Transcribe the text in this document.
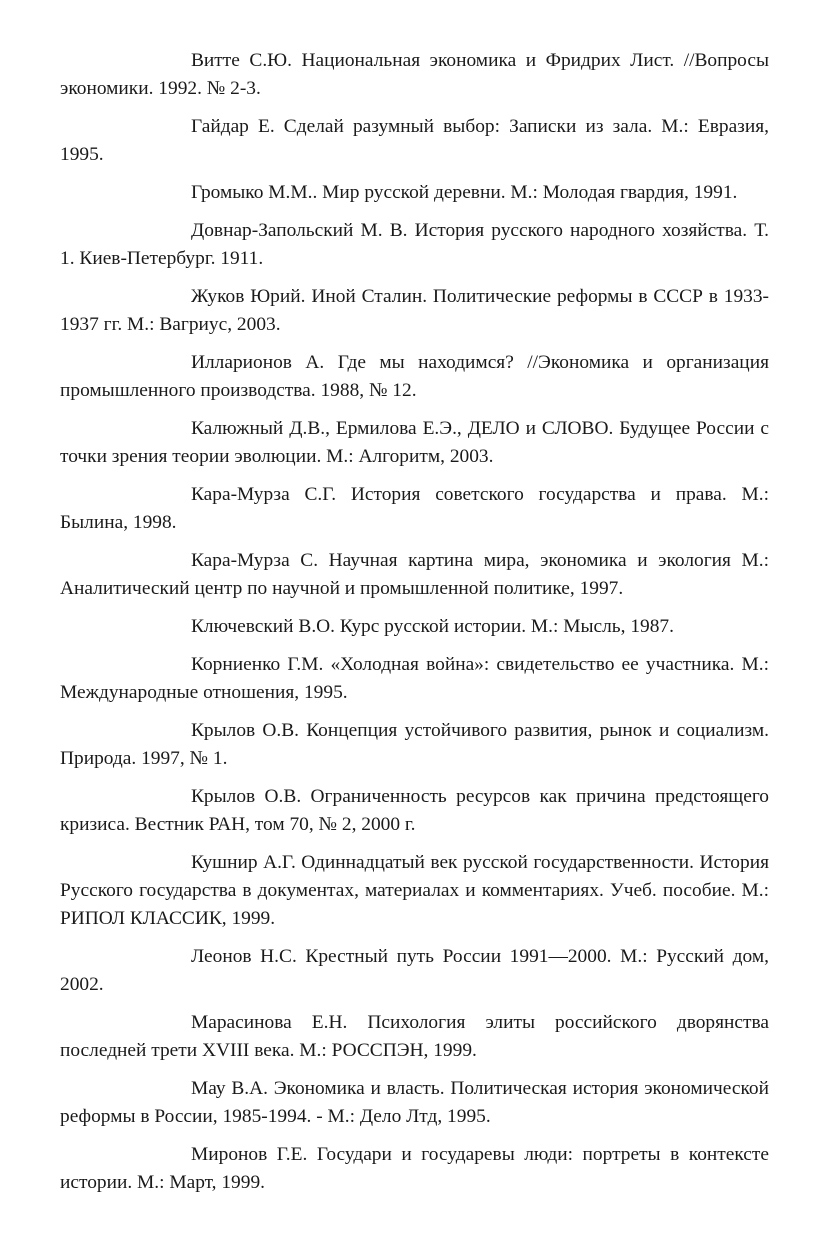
Витте С.Ю. Национальная экономика и Фридрих Лист. //Вопросы экономики. 1992. № 2-3.

Гайдар Е. Сделай разумный выбор: Записки из зала. М.: Евразия, 1995.

Громыко М.М.. Мир русской деревни. М.: Молодая гвардия, 1991.

Довнар-Запольский М. В. История русского народного хозяйства. Т. 1. Киев-Петербург. 1911.

Жуков Юрий. Иной Сталин. Политические реформы в СССР в 1933-1937 гг. М.: Вагриус, 2003.

Илларионов А. Где мы находимся? //Экономика и организация промышленного производства. 1988, № 12.

Калюжный Д.В., Ермилова Е.Э., ДЕЛО и СЛОВО. Будущее России с точки зрения теории эволюции. М.: Алгоритм, 2003.

Кара-Мурза С.Г. История советского государства и права. М.: Былина, 1998.

Кара-Мурза С. Научная картина мира, экономика и экология М.: Аналитический центр по научной и промышленной политике, 1997.

Ключевский В.О. Курс русской истории. М.: Мысль, 1987.

Корниенко Г.М. «Холодная война»: свидетельство ее участника. М.: Международные отношения, 1995.

Крылов О.В. Концепция устойчивого развития, рынок и социализм. Природа. 1997, № 1.

Крылов О.В. Ограниченность ресурсов как причина предстоящего кризиса. Вестник РАН, том 70, № 2, 2000 г.

Кушнир А.Г. Одиннадцатый век русской государственности. История Русского государства в документах, материалах и комментариях. Учеб. пособие. М.: РИПОЛ КЛАССИК, 1999.

Леонов Н.С. Крестный путь России 1991—2000. М.: Русский дом, 2002.

Марасинова Е.Н. Психология элиты российского дворянства последней трети XVIII века. М.: РОССПЭН, 1999.

Мау В.А. Экономика и власть. Политическая история экономической реформы в России, 1985-1994. - М.: Дело Лтд, 1995.

Миронов Г.Е. Государи и государевы люди: портреты в контексте истории. М.: Март, 1999.
